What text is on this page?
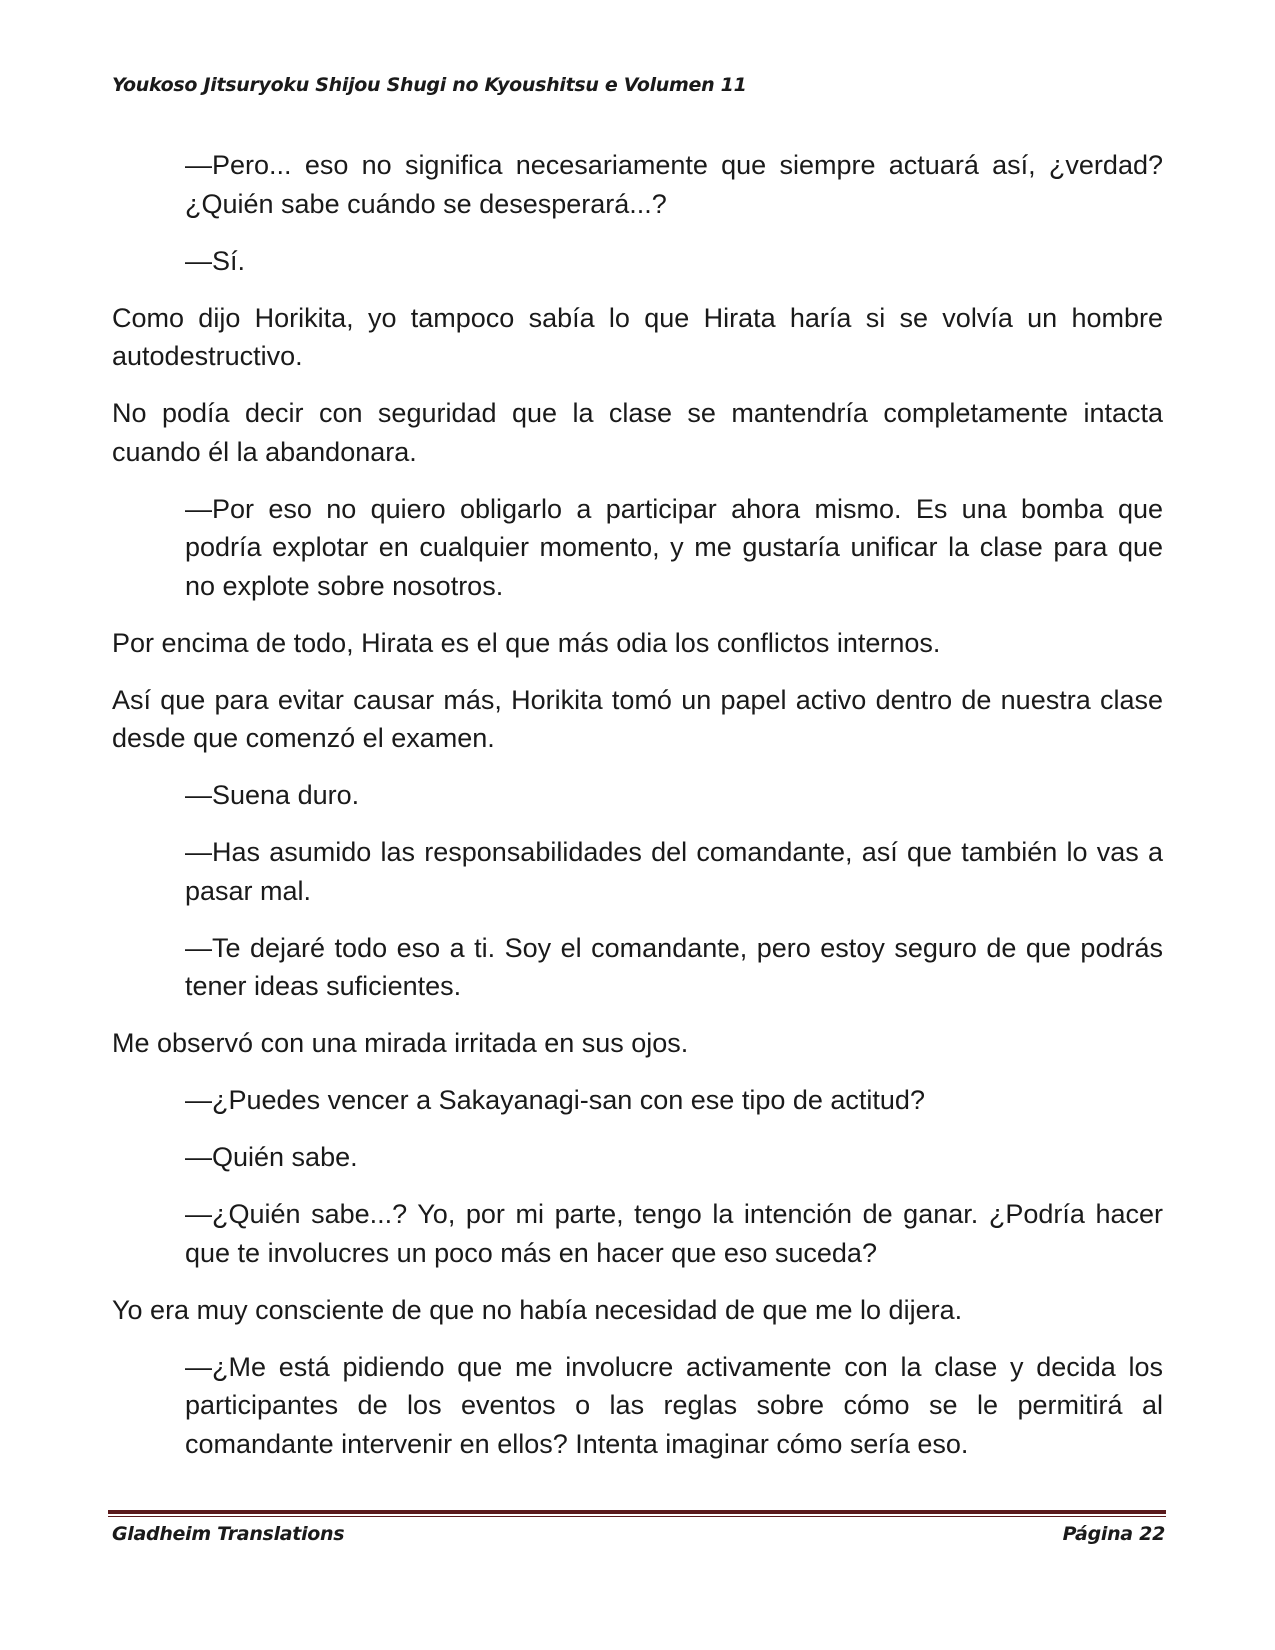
Youkoso Jitsuryoku Shijou Shugi no Kyoushitsu e Volumen 11

—Pero... eso no significa necesariamente que siempre actuará así, ¿verdad? ¿Quién sabe cuándo se desesperará...?

—Sí.

Como dijo Horikita, yo tampoco sabía lo que Hirata haría si se volvía un hombre autodestructivo.

No podía decir con seguridad que la clase se mantendría completamente intacta cuando él la abandonara.

—Por eso no quiero obligarlo a participar ahora mismo. Es una bomba que podría explotar en cualquier momento, y me gustaría unificar la clase para que no explote sobre nosotros.

Por encima de todo, Hirata es el que más odia los conflictos internos.

Así que para evitar causar más, Horikita tomó un papel activo dentro de nuestra clase desde que comenzó el examen.

—Suena duro.

—Has asumido las responsabilidades del comandante, así que también lo vas a pasar mal.

—Te dejaré todo eso a ti. Soy el comandante, pero estoy seguro de que podrás tener ideas suficientes.

Me observó con una mirada irritada en sus ojos.

—¿Puedes vencer a Sakayanagi-san con ese tipo de actitud?

—Quién sabe.

—¿Quién sabe...? Yo, por mi parte, tengo la intención de ganar. ¿Podría hacer que te involucres un poco más en hacer que eso suceda?

Yo era muy consciente de que no había necesidad de que me lo dijera.

—¿Me está pidiendo que me involucre activamente con la clase y decida los participantes de los eventos o las reglas sobre cómo se le permitirá al comandante intervenir en ellos? Intenta imaginar cómo sería eso.

Gladheim Translations	Página 22
